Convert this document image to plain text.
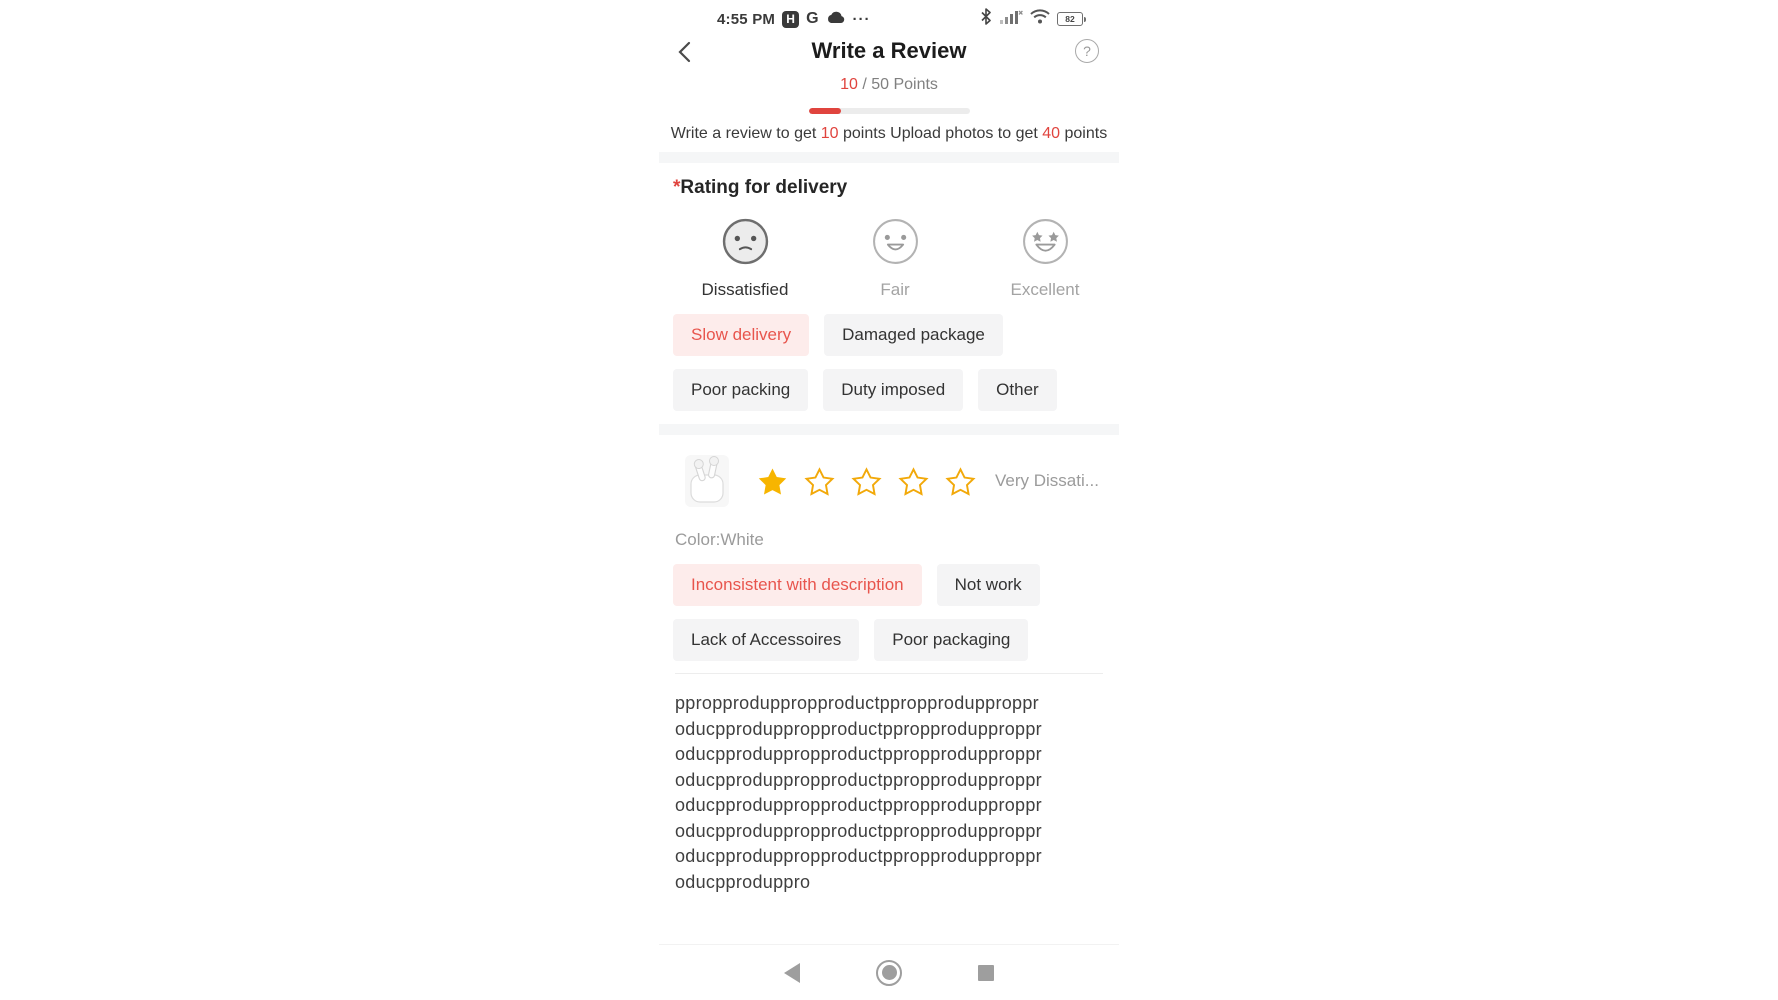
4:55 PM H G ···	82
Write a Review	?
10 / 50 Points
Write a review to get 10 points Upload photos to get 40 points
*Rating for delivery
Dissatisfied	Fair	Excellent
Slow delivery	Damaged package
Poor packing	Duty imposed	Other
Very Dissati...
Color:White
Inconsistent with description	Not work
Lack of Accessoires	Poor packaging
ppropproduppropproductppropprodupproppr
oducpproduppropproductppropprodupproppr
oducpproduppropproductppropprodupproppr
oducpproduppropproductppropprodupproppr
oducpproduppropproductppropprodupproppr
oducpproduppropproductppropprodupproppr
oducpproduppropproductppropprodupproppr
oducpproduppro
